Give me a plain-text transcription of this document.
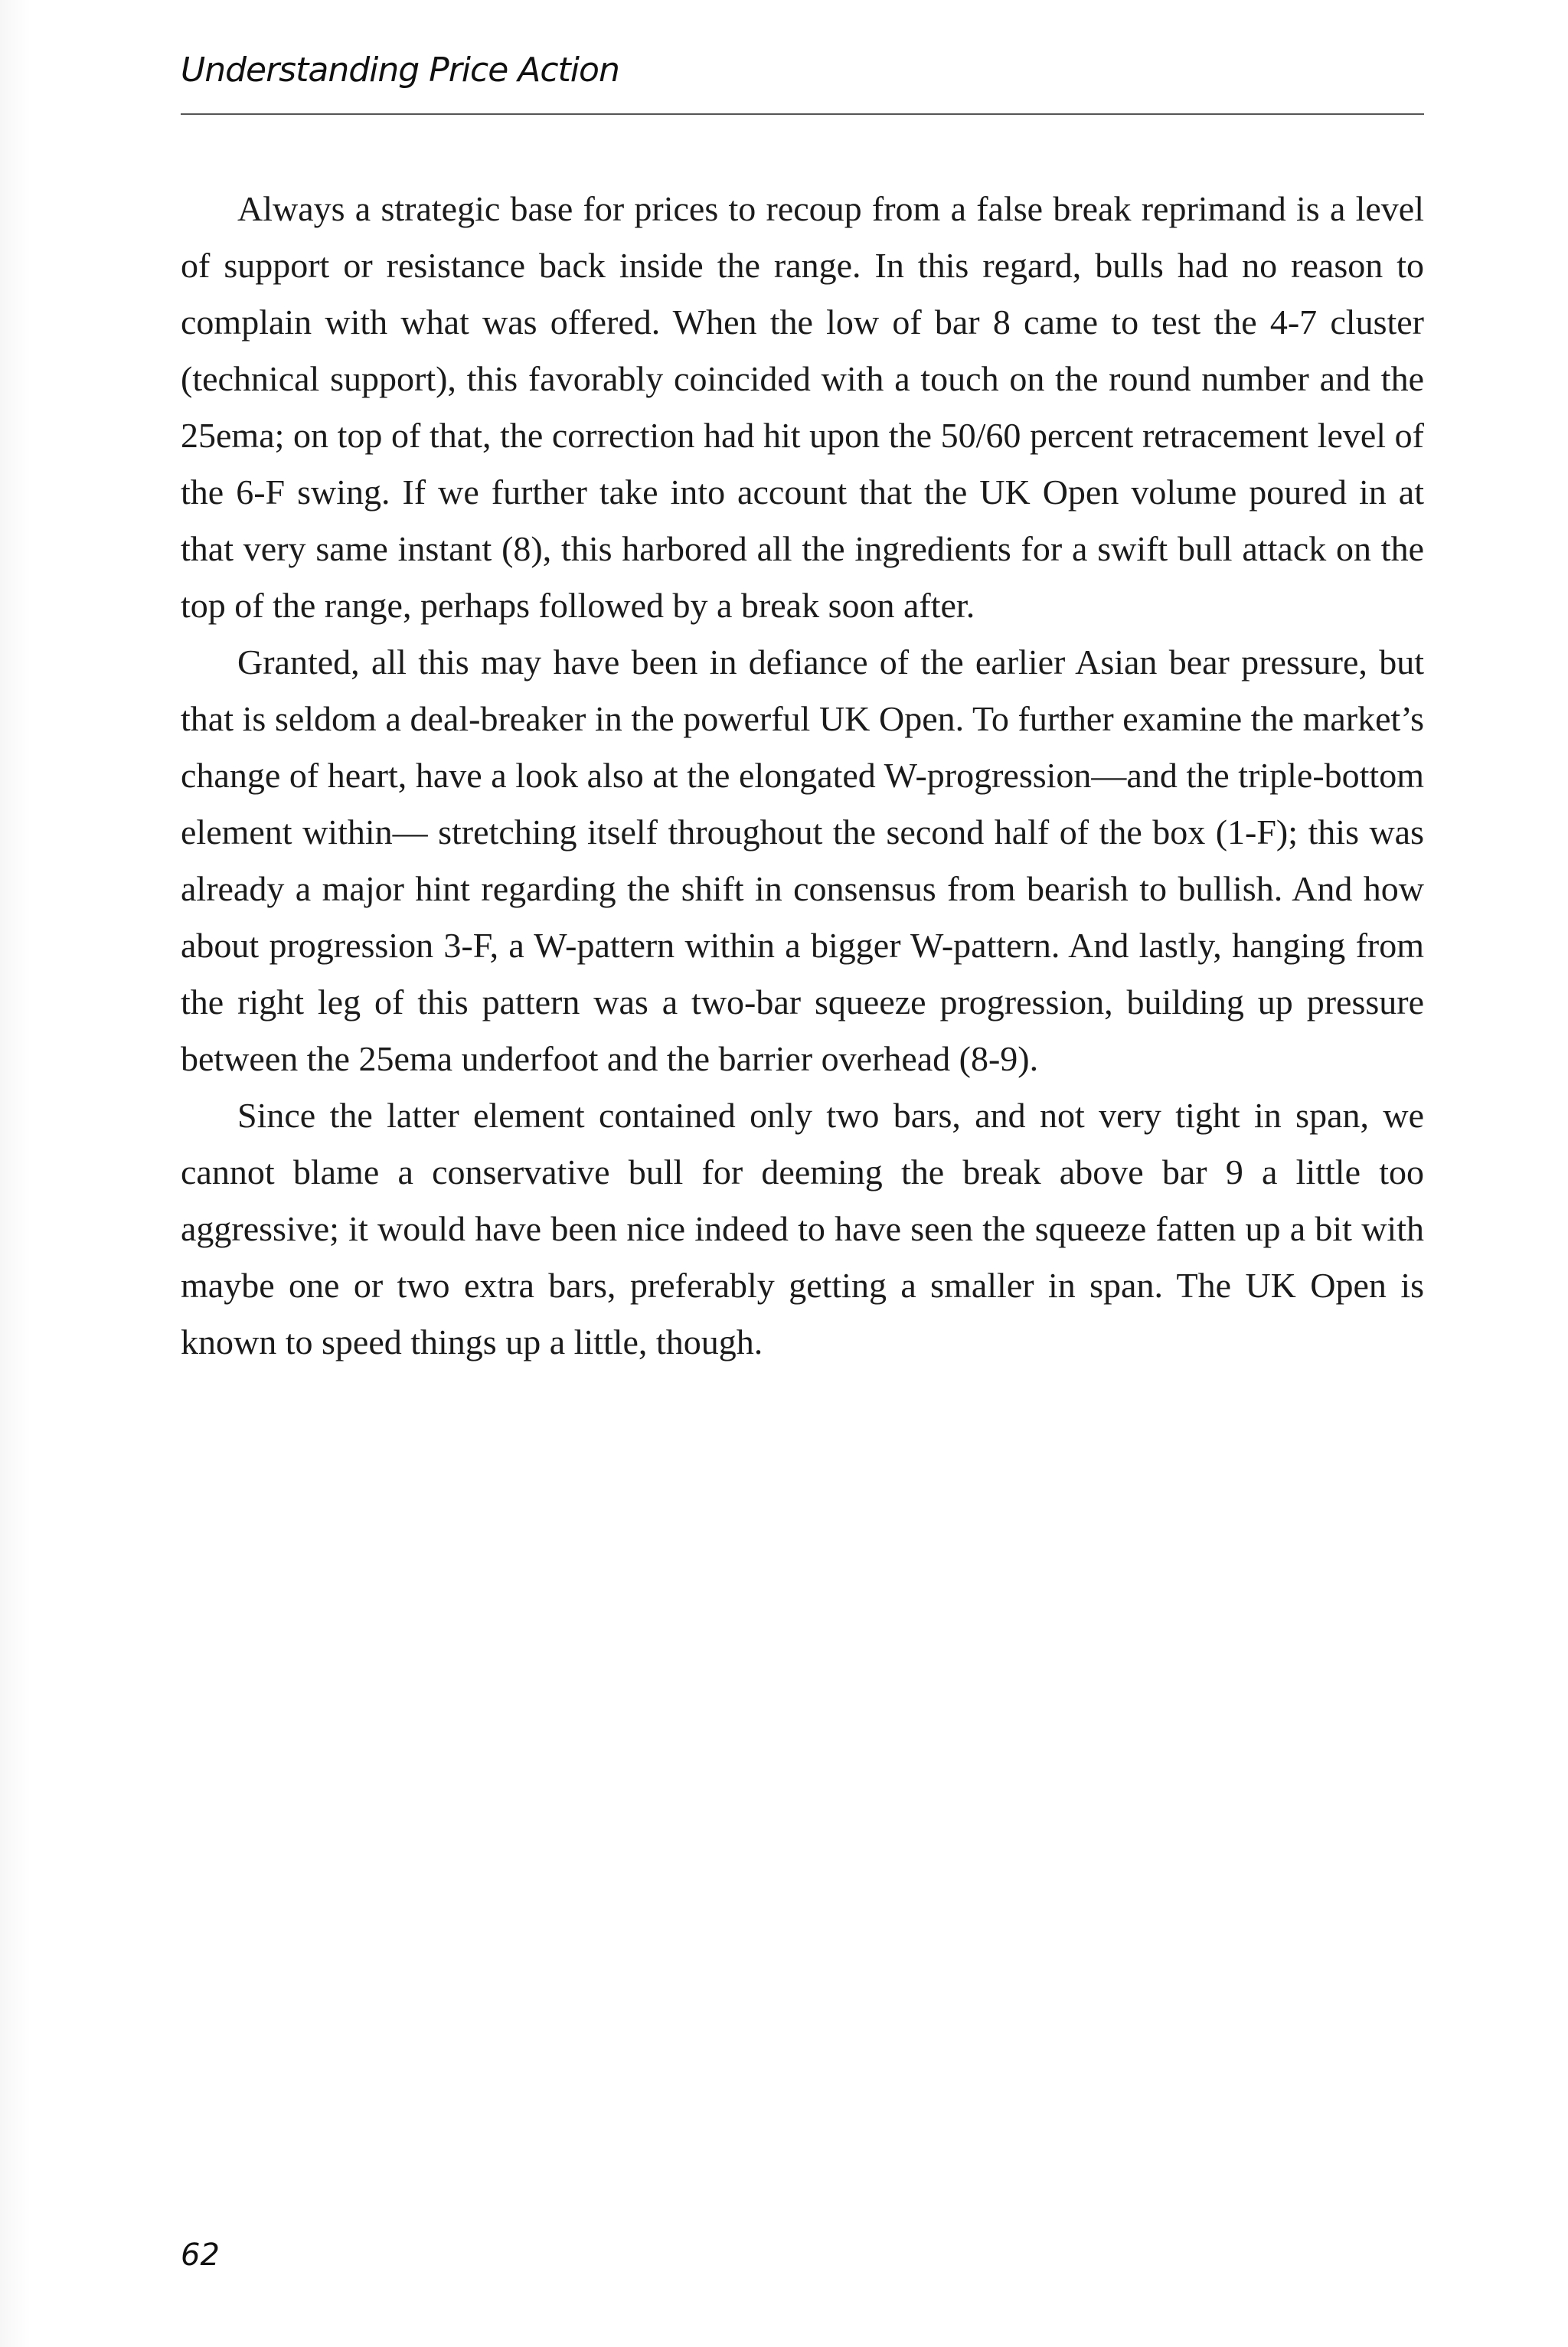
Understanding Price Action

Always a strategic base for prices to recoup from a false break reprimand is a level of support or resistance back inside the range. In this regard, bulls had no reason to complain with what was offered. When the low of bar 8 came to test the 4-7 cluster (technical support), this favorably coincided with a touch on the round number and the 25ema; on top of that, the correction had hit upon the 50/60 percent retracement level of the 6-F swing. If we further take into account that the UK Open volume poured in at that very same instant (8), this harbored all the ingredients for a swift bull attack on the top of the range, perhaps followed by a break soon after.

Granted, all this may have been in defiance of the earlier Asian bear pressure, but that is seldom a deal-breaker in the powerful UK Open. To further examine the market’s change of heart, have a look also at the elongated W-progression—and the triple-bottom element within— stretching itself throughout the second half of the box (1-F); this was already a major hint regarding the shift in consensus from bearish to bullish. And how about progression 3-F, a W-pattern within a bigger W-pattern. And lastly, hanging from the right leg of this pattern was a two-bar squeeze progression, building up pressure between the 25ema underfoot and the barrier overhead (8-9).

Since the latter element contained only two bars, and not very tight in span, we cannot blame a conservative bull for deeming the break above bar 9 a little too aggressive; it would have been nice indeed to have seen the squeeze fatten up a bit with maybe one or two extra bars, preferably getting a smaller in span. The UK Open is known to speed things up a little, though.

62
